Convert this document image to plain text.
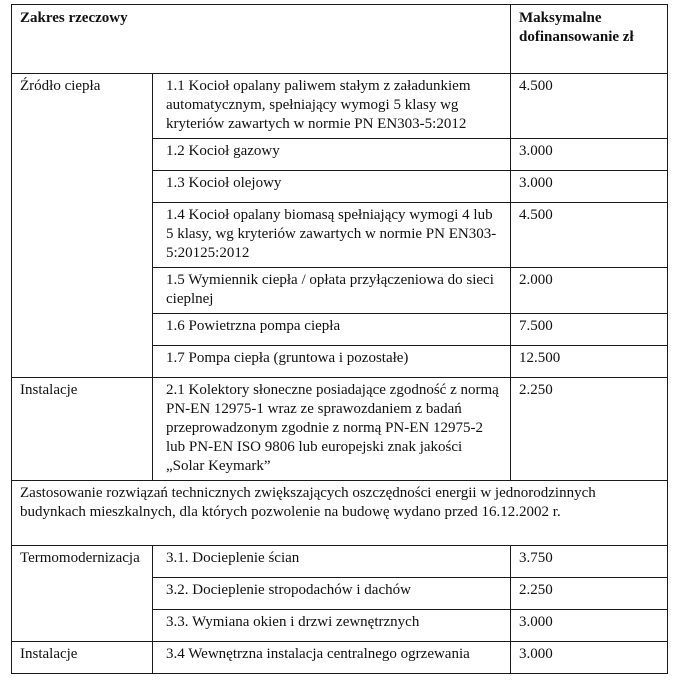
Zakres rzeczowy		Maksymalne dofinansowanie zł
Źródło ciepła	1.1 Kocioł opalany paliwem stałym z załadunkiem automatycznym, spełniający wymogi 5 klasy wg kryteriów zawartych w normie PN EN303-5:2012	4.500
	1.2 Kocioł gazowy	3.000
	1.3 Kocioł olejowy	3.000
	1.4 Kocioł opalany biomasą spełniający wymogi 4 lub 5 klasy, wg kryteriów zawartych w normie PN EN303-5:20125:2012	4.500
	1.5 Wymiennik ciepła / opłata przyłączeniowa do sieci cieplnej	2.000
	1.6 Powietrzna pompa ciepła	7.500
	1.7 Pompa ciepła (gruntowa i pozostałe)	12.500
Instalacje	2.1 Kolektory słoneczne posiadające zgodność z normą PN-EN 12975-1 wraz ze sprawozdaniem z badań przeprowadzonym zgodnie z normą PN-EN 12975-2 lub PN-EN ISO 9806 lub europejski znak jakości „Solar Keymark”	2.250
Zastosowanie rozwiązań technicznych zwiększających oszczędności energii w jednorodzinnych budynkach mieszkalnych, dla których pozwolenie na budowę wydano przed 16.12.2002 r.		
Termomodernizacja	3.1. Docieplenie ścian	3.750
	3.2. Docieplenie stropodachów i dachów	2.250
	3.3. Wymiana okien i drzwi zewnętrznych	3.000
Instalacje	3.4 Wewnętrzna instalacja centralnego ogrzewania	3.000
